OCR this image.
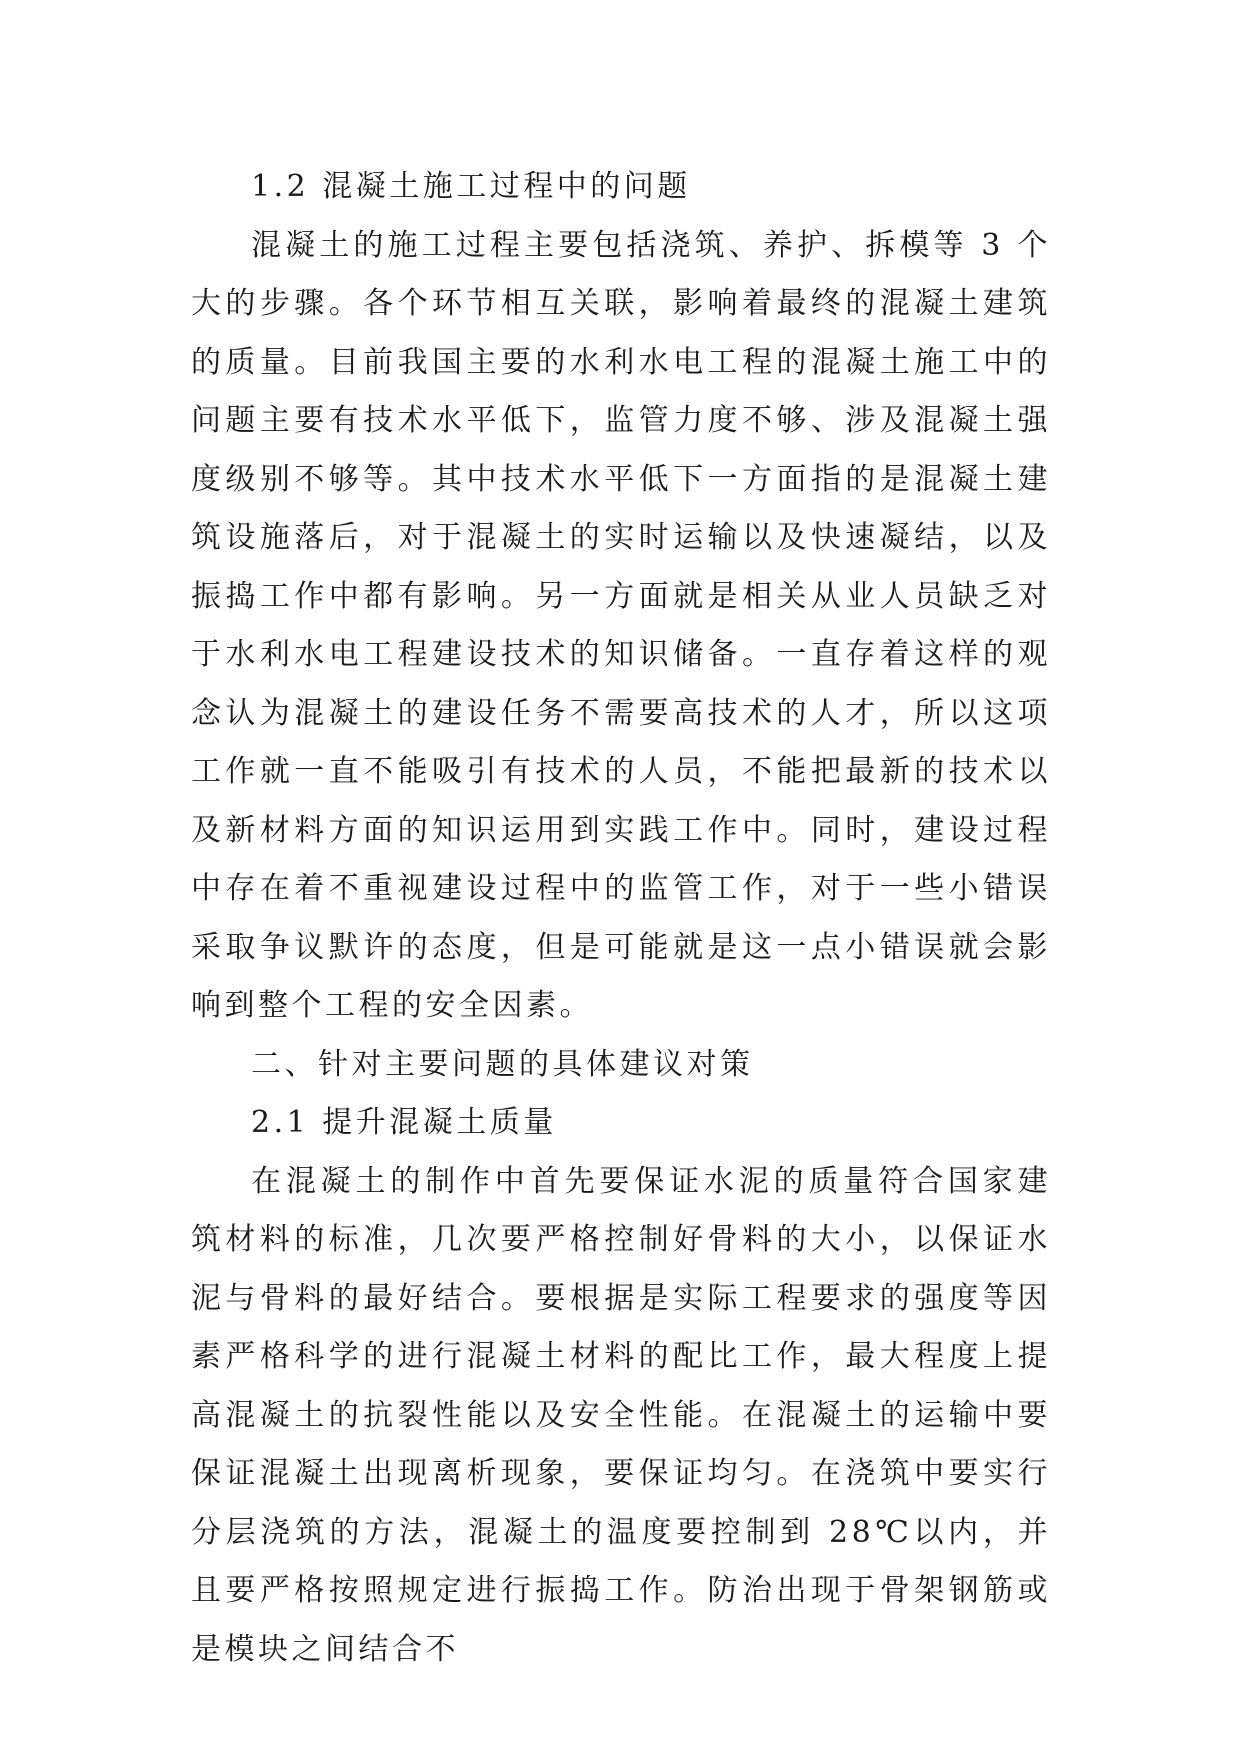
1.2 混凝土施工过程中的问题

混凝土的施工过程主要包括浇筑、养护、拆模等 3 个大的步骤。各个环节相互关联，影响着最终的混凝土建筑的质量。目前我国主要的水利水电工程的混凝土施工中的问题主要有技术水平低下，监管力度不够、涉及混凝土强度级别不够等。其中技术水平低下一方面指的是混凝土建筑设施落后，对于混凝土的实时运输以及快速凝结，以及振捣工作中都有影响。另一方面就是相关从业人员缺乏对于水利水电工程建设技术的知识储备。一直存着这样的观念认为混凝土的建设任务不需要高技术的人才，所以这项工作就一直不能吸引有技术的人员，不能把最新的技术以及新材料方面的知识运用到实践工作中。同时，建设过程中存在着不重视建设过程中的监管工作，对于一些小错误采取争议默许的态度，但是可能就是这一点小错误就会影响到整个工程的安全因素。

二、针对主要问题的具体建议对策

2.1 提升混凝土质量

在混凝土的制作中首先要保证水泥的质量符合国家建筑材料的标准，几次要严格控制好骨料的大小，以保证水泥与骨料的最好结合。要根据是实际工程要求的强度等因素严格科学的进行混凝土材料的配比工作，最大程度上提高混凝土的抗裂性能以及安全性能。在混凝土的运输中要保证混凝土出现离析现象，要保证均匀。在浇筑中要实行分层浇筑的方法，混凝土的温度要控制到 28℃以内，并且要严格按照规定进行振捣工作。防治出现于骨架钢筋或是模块之间结合不
